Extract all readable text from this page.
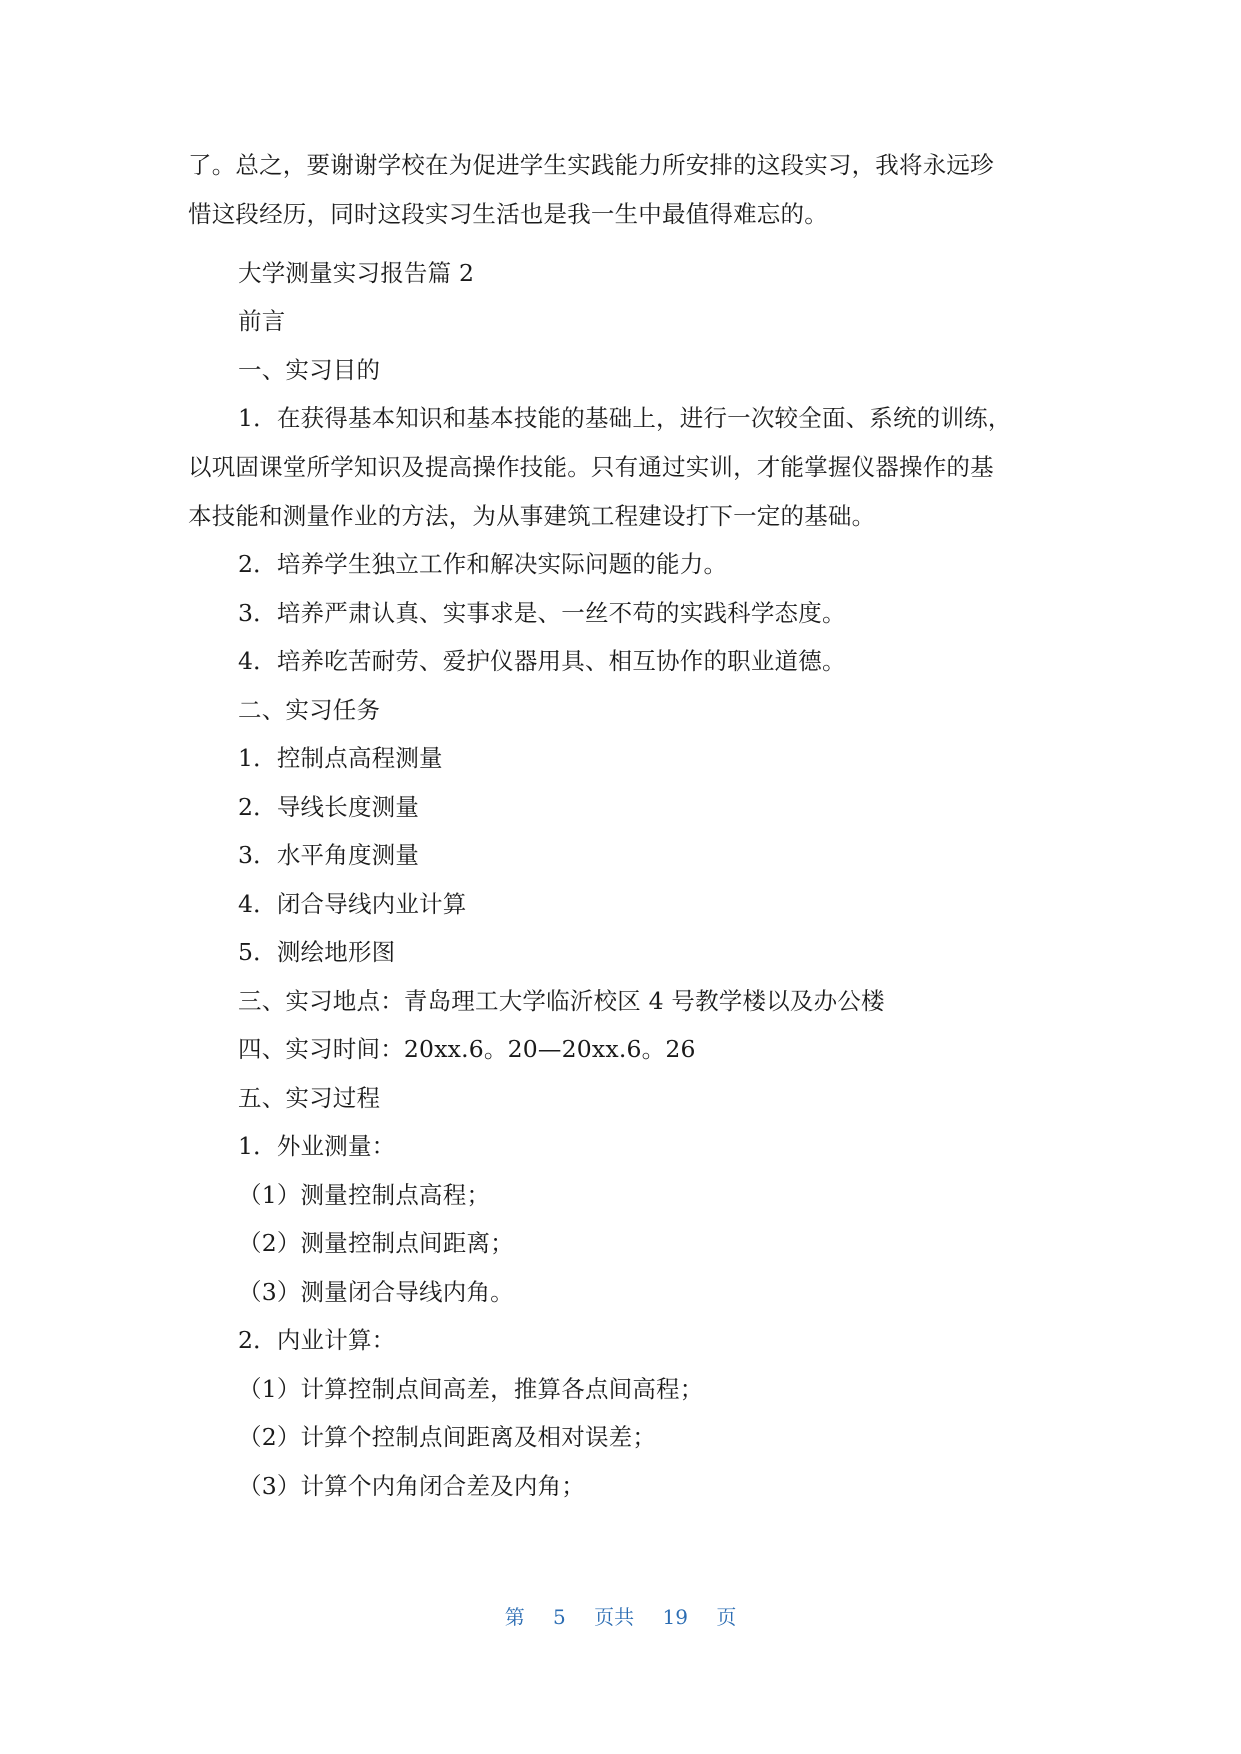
了。总之，要谢谢学校在为促进学生实践能力所安排的这段实习，我将永远珍
惜这段经历，同时这段实习生活也是我一生中最值得难忘的。
大学测量实习报告篇 2
前言
一、实习目的
1．在获得基本知识和基本技能的基础上，进行一次较全面、系统的训练，
以巩固课堂所学知识及提高操作技能。只有通过实训，才能掌握仪器操作的基
本技能和测量作业的方法，为从事建筑工程建设打下一定的基础。
2．培养学生独立工作和解决实际问题的能力。
3．培养严肃认真、实事求是、一丝不苟的实践科学态度。
4．培养吃苦耐劳、爱护仪器用具、相互协作的职业道德。
二、实习任务
1．控制点高程测量
2．导线长度测量
3．水平角度测量
4．闭合导线内业计算
5．测绘地形图
三、实习地点：青岛理工大学临沂校区 4 号教学楼以及办公楼
四、实习时间：20xx.6。20—20xx.6。26
五、实习过程
1．外业测量：
（1）测量控制点高程；
（2）测量控制点间距离；
（3）测量闭合导线内角。
2．内业计算：
（1）计算控制点间高差，推算各点间高程；
（2）计算个控制点间距离及相对误差；
（3）计算个内角闭合差及内角；
第 5 页共 19 页
